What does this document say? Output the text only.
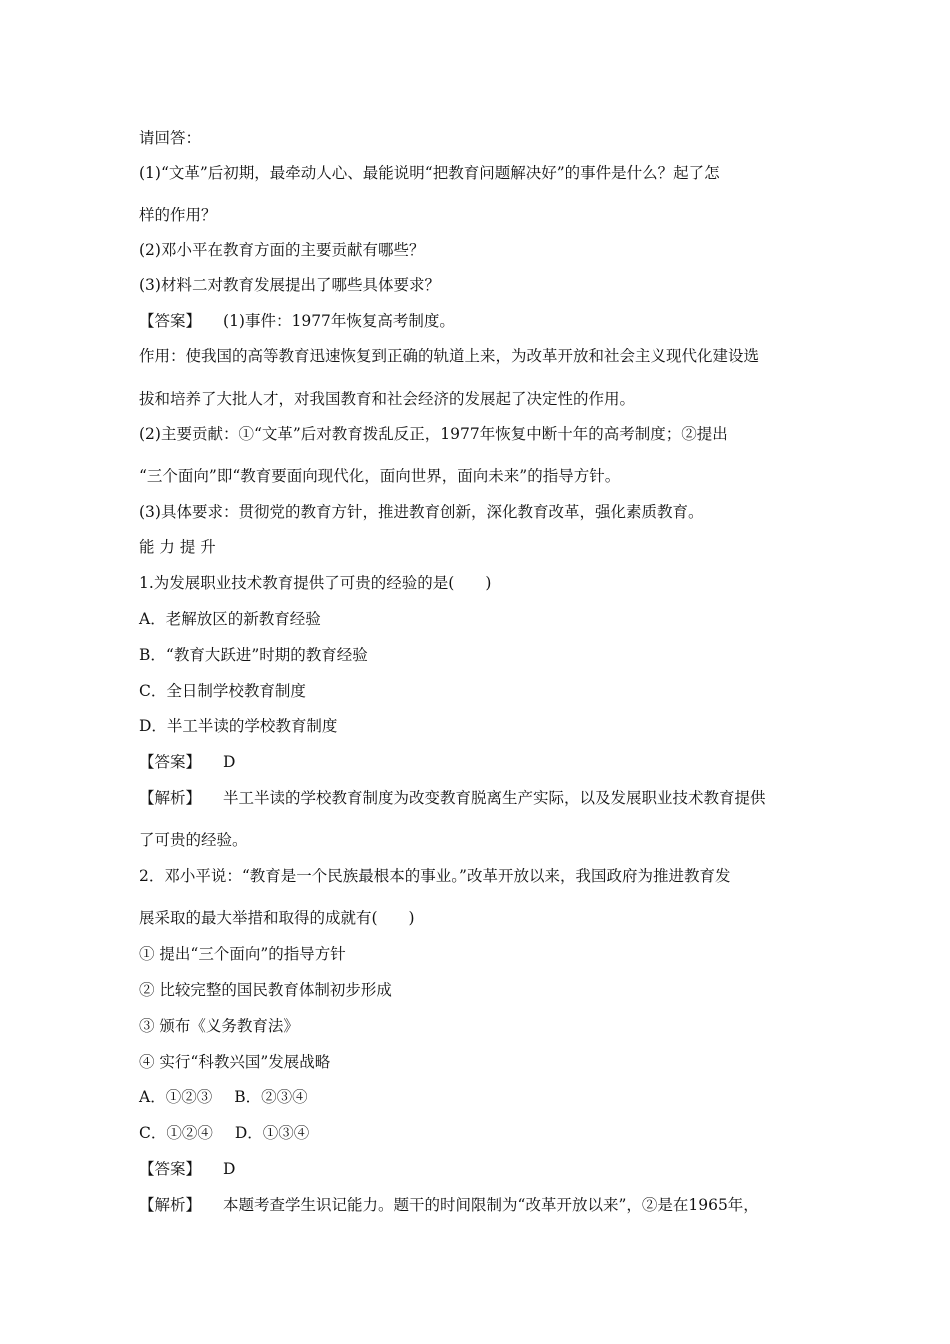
请回答：
(1)“文革”后初期，最牵动人心、最能说明“把教育问题解决好”的事件是什么？起了怎
样的作用？
(2)邓小平在教育方面的主要贡献有哪些？
(3)材料二对教育发展提出了哪些具体要求？
【答案】 (1)事件：1977年恢复高考制度。
作用：使我国的高等教育迅速恢复到正确的轨道上来，为改革开放和社会主义现代化建设选
拔和培养了大批人才，对我国教育和社会经济的发展起了决定性的作用。
(2)主要贡献：①“文革”后对教育拨乱反正，1977年恢复中断十年的高考制度；②提出
“三个面向”即“教育要面向现代化，面向世界，面向未来”的指导方针。
(3)具体要求：贯彻党的教育方针，推进教育创新，深化教育改革，强化素质教育。
能 力 提 升
1.为发展职业技术教育提供了可贵的经验的是(　　)
A．老解放区的新教育经验
B．“教育大跃进”时期的教育经验
C．全日制学校教育制度
D．半工半读的学校教育制度
【答案】 D
【解析】 半工半读的学校教育制度为改变教育脱离生产实际，以及发展职业技术教育提供
了可贵的经验。
2．邓小平说：“教育是一个民族最根本的事业。”改革开放以来，我国政府为推进教育发
展采取的最大举措和取得的成就有(　　)
① 提出“三个面向”的指导方针
② 比较完整的国民教育体制初步形成
③ 颁布《义务教育法》
④ 实行“科教兴国”发展战略
A．①②③ B．②③④
C．①②④ D．①③④
【答案】 D
【解析】 本题考查学生识记能力。题干的时间限制为“改革开放以来”，②是在1965年，
